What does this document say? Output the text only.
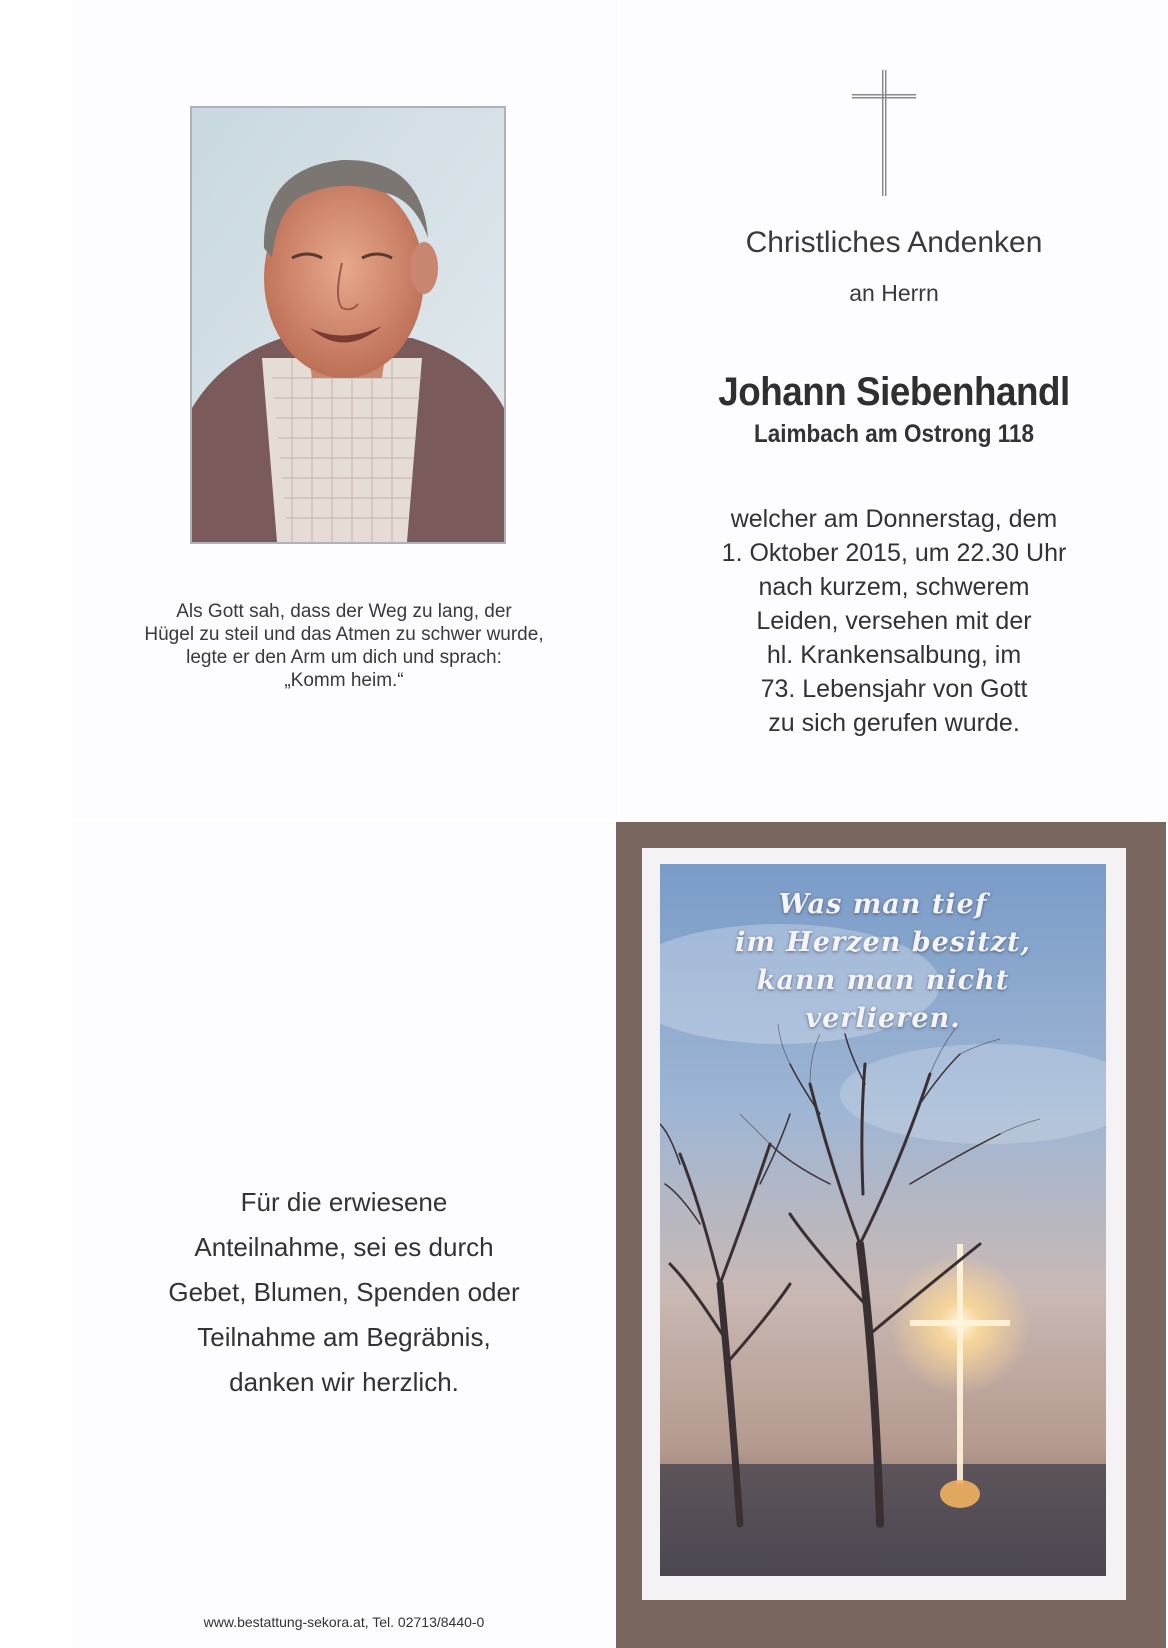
Als Gott sah, dass der Weg zu lang, der
Hügel zu steil und das Atmen zu schwer wurde,
legte er den Arm um dich und sprach:
„Komm heim.“
Christliches Andenken
an Herrn
Johann Siebenhandl
Laimbach am Ostrong 118
welcher am Donnerstag, dem
1. Oktober 2015, um 22.30 Uhr
nach kurzem, schwerem
Leiden, versehen mit der
hl. Krankensalbung, im
73. Lebensjahr von Gott
zu sich gerufen wurde.
Für die erwiesene
Anteilnahme, sei es durch
Gebet, Blumen, Spenden oder
Teilnahme am Begräbnis,
danken wir herzlich.
www.bestattung-sekora.at, Tel. 02713/8440-0
Was man tief
im Herzen besitzt,
kann man nicht
verlieren.
